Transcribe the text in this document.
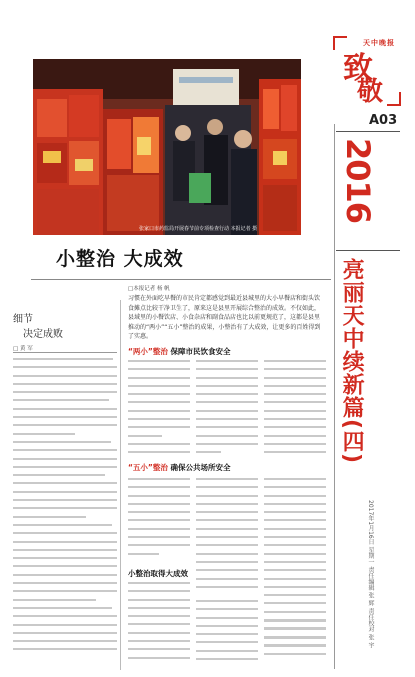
张家口市药监局开展春节前专项检查行动 本报记者 摄
天中晚报
致
敬
A03
2016
亮丽天中续新篇(四)
2017年1月16日 星期一 责任编辑 张 辉 责任校对 张 宇
小整治 大成效
□本报记者 杨 帆
习惯在外面吃早餐的市民肯定都感觉到最近县城里的大小早餐店和街头饮食摊点比较干净卫生了，原来这是县里开展综合整治的成效。不仅如此，县域里的小餐饮店、小食杂店和副食品店也比以前更规范了，这都是县里推动的“两小”“五小”整治的成果，小整治有了大成效，让更多的百姓得到了实惠。
细节
决定成败
□ 黄 军	“两小”整治 保障市民饮食安全
“五小”整治 确保公共场所安全
小整治取得大成效
